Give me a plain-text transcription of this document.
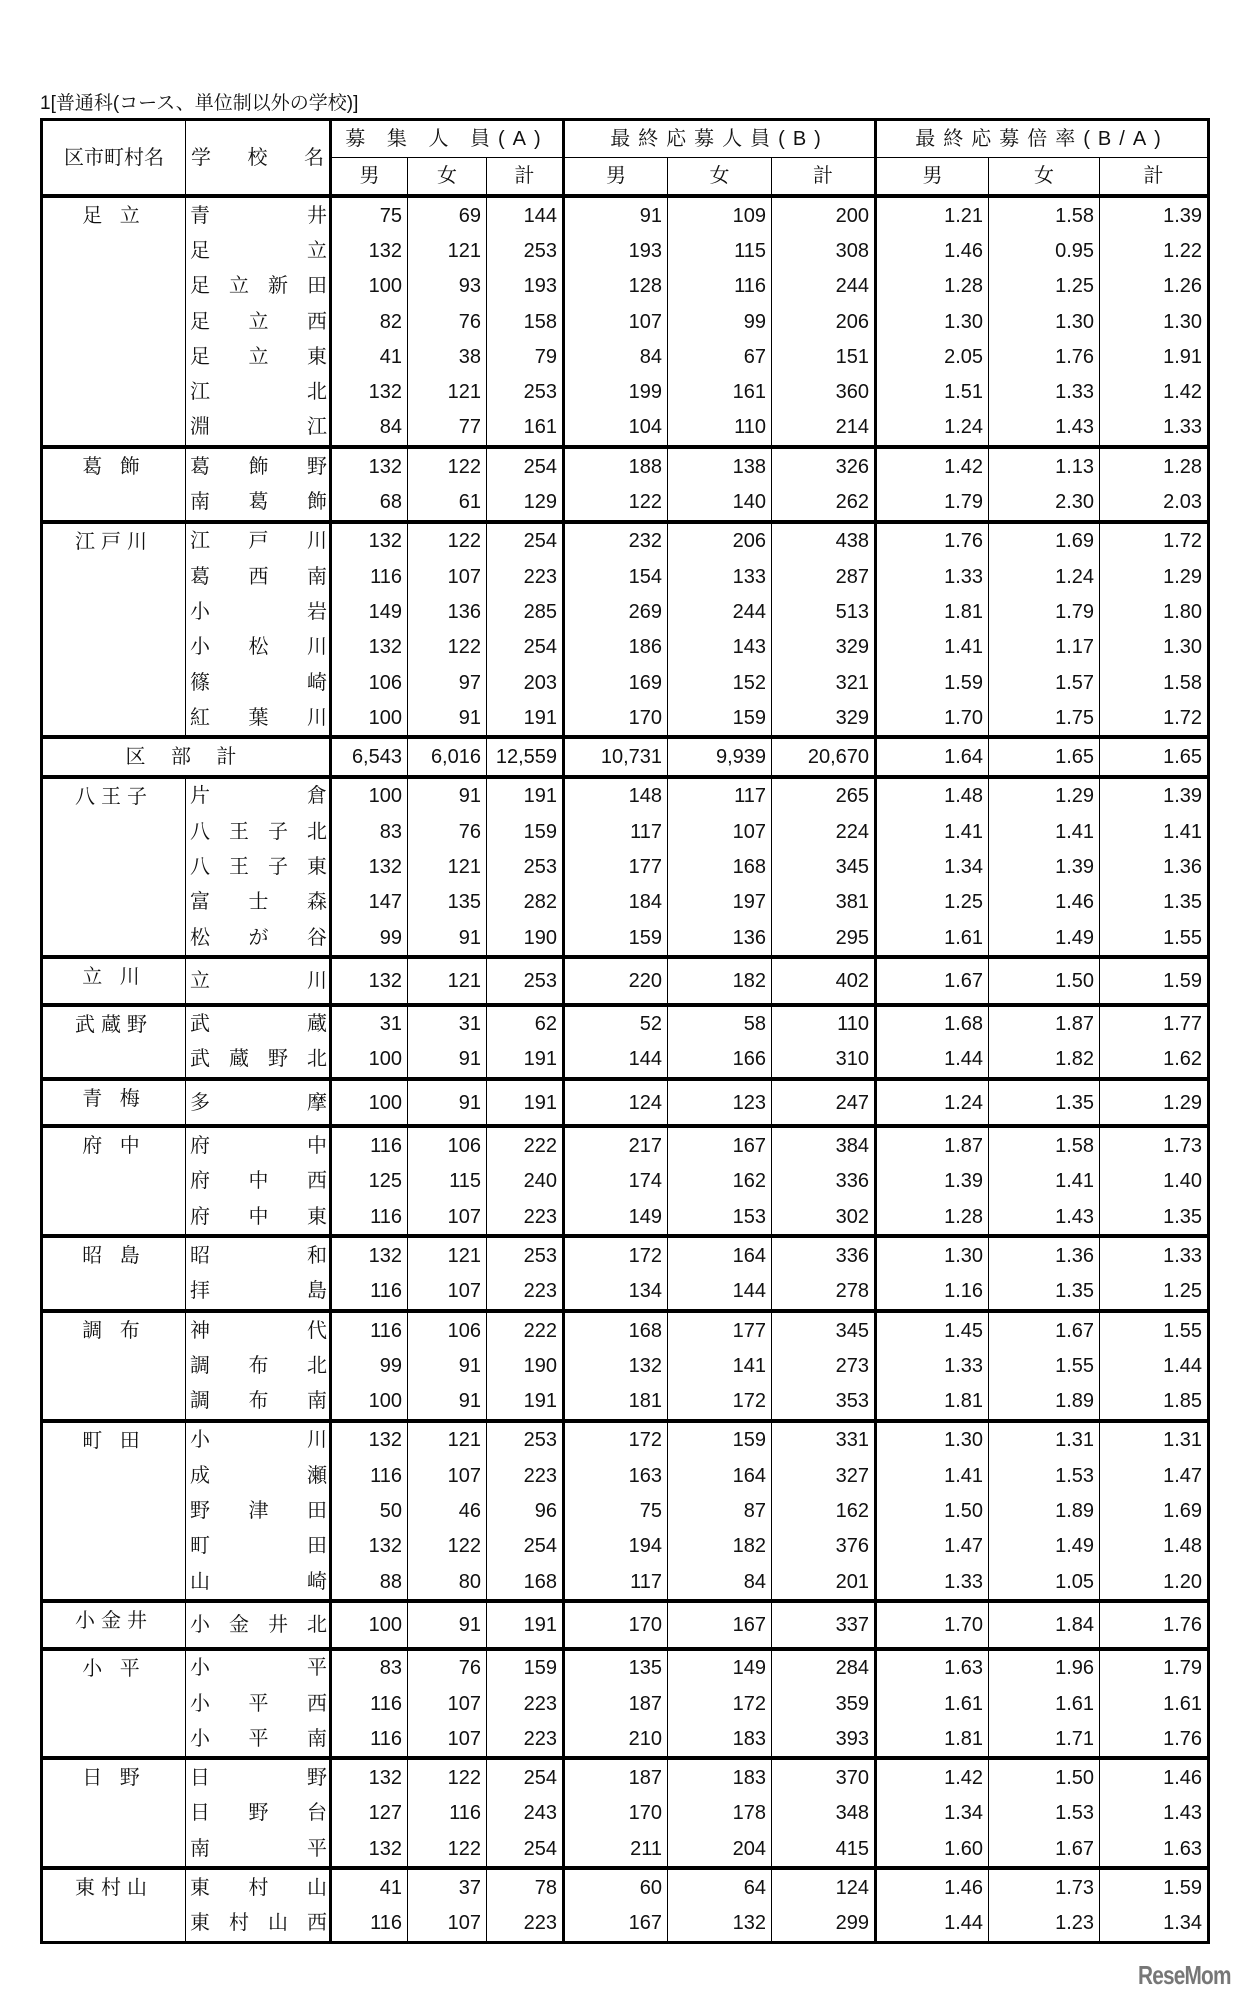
1[普通科(コース、単位制以外の学校)]
区市町村名	学　校　名	募 集 人 員(A)			最終応募人員(B)			最終応募倍率(B/A)		
		男	女	計	男	女	計	男	女	計
足 立	青井	75	69	144	91	109	200	1.21	1.58	1.39
	足立	132	121	253	193	115	308	1.46	0.95	1.22
	足立新田	100	93	193	128	116	244	1.28	1.25	1.26
	足立西	82	76	158	107	99	206	1.30	1.30	1.30
	足立東	41	38	79	84	67	151	2.05	1.76	1.91
	江北	132	121	253	199	161	360	1.51	1.33	1.42
	淵江	84	77	161	104	110	214	1.24	1.43	1.33
葛 飾	葛飾野	132	122	254	188	138	326	1.42	1.13	1.28
	南葛飾	68	61	129	122	140	262	1.79	2.30	2.03
江戸川	江戸川	132	122	254	232	206	438	1.76	1.69	1.72
	葛西南	116	107	223	154	133	287	1.33	1.24	1.29
	小岩	149	136	285	269	244	513	1.81	1.79	1.80
	小松川	132	122	254	186	143	329	1.41	1.17	1.30
	篠崎	106	97	203	169	152	321	1.59	1.57	1.58
	紅葉川	100	91	191	170	159	329	1.70	1.75	1.72
区 部 計		6,543	6,016	12,559	10,731	9,939	20,670	1.64	1.65	1.65
八王子	片倉	100	91	191	148	117	265	1.48	1.29	1.39
	八王子北	83	76	159	117	107	224	1.41	1.41	1.41
	八王子東	132	121	253	177	168	345	1.34	1.39	1.36
	富士森	147	135	282	184	197	381	1.25	1.46	1.35
	松が谷	99	91	190	159	136	295	1.61	1.49	1.55
立 川	立川	132	121	253	220	182	402	1.67	1.50	1.59
武蔵野	武蔵	31	31	62	52	58	110	1.68	1.87	1.77
	武蔵野北	100	91	191	144	166	310	1.44	1.82	1.62
青 梅	多摩	100	91	191	124	123	247	1.24	1.35	1.29
府 中	府中	116	106	222	217	167	384	1.87	1.58	1.73
	府中西	125	115	240	174	162	336	1.39	1.41	1.40
	府中東	116	107	223	149	153	302	1.28	1.43	1.35
昭 島	昭和	132	121	253	172	164	336	1.30	1.36	1.33
	拝島	116	107	223	134	144	278	1.16	1.35	1.25
調 布	神代	116	106	222	168	177	345	1.45	1.67	1.55
	調布北	99	91	190	132	141	273	1.33	1.55	1.44
	調布南	100	91	191	181	172	353	1.81	1.89	1.85
町 田	小川	132	121	253	172	159	331	1.30	1.31	1.31
	成瀬	116	107	223	163	164	327	1.41	1.53	1.47
	野津田	50	46	96	75	87	162	1.50	1.89	1.69
	町田	132	122	254	194	182	376	1.47	1.49	1.48
	山崎	88	80	168	117	84	201	1.33	1.05	1.20
小金井	小金井北	100	91	191	170	167	337	1.70	1.84	1.76
小 平	小平	83	76	159	135	149	284	1.63	1.96	1.79
	小平西	116	107	223	187	172	359	1.61	1.61	1.61
	小平南	116	107	223	210	183	393	1.81	1.71	1.76
日 野	日野	132	122	254	187	183	370	1.42	1.50	1.46
	日野台	127	116	243	170	178	348	1.34	1.53	1.43
	南平	132	122	254	211	204	415	1.60	1.67	1.63
東村山	東村山	41	37	78	60	64	124	1.46	1.73	1.59
	東村山西	116	107	223	167	132	299	1.44	1.23	1.34
ReseMom
